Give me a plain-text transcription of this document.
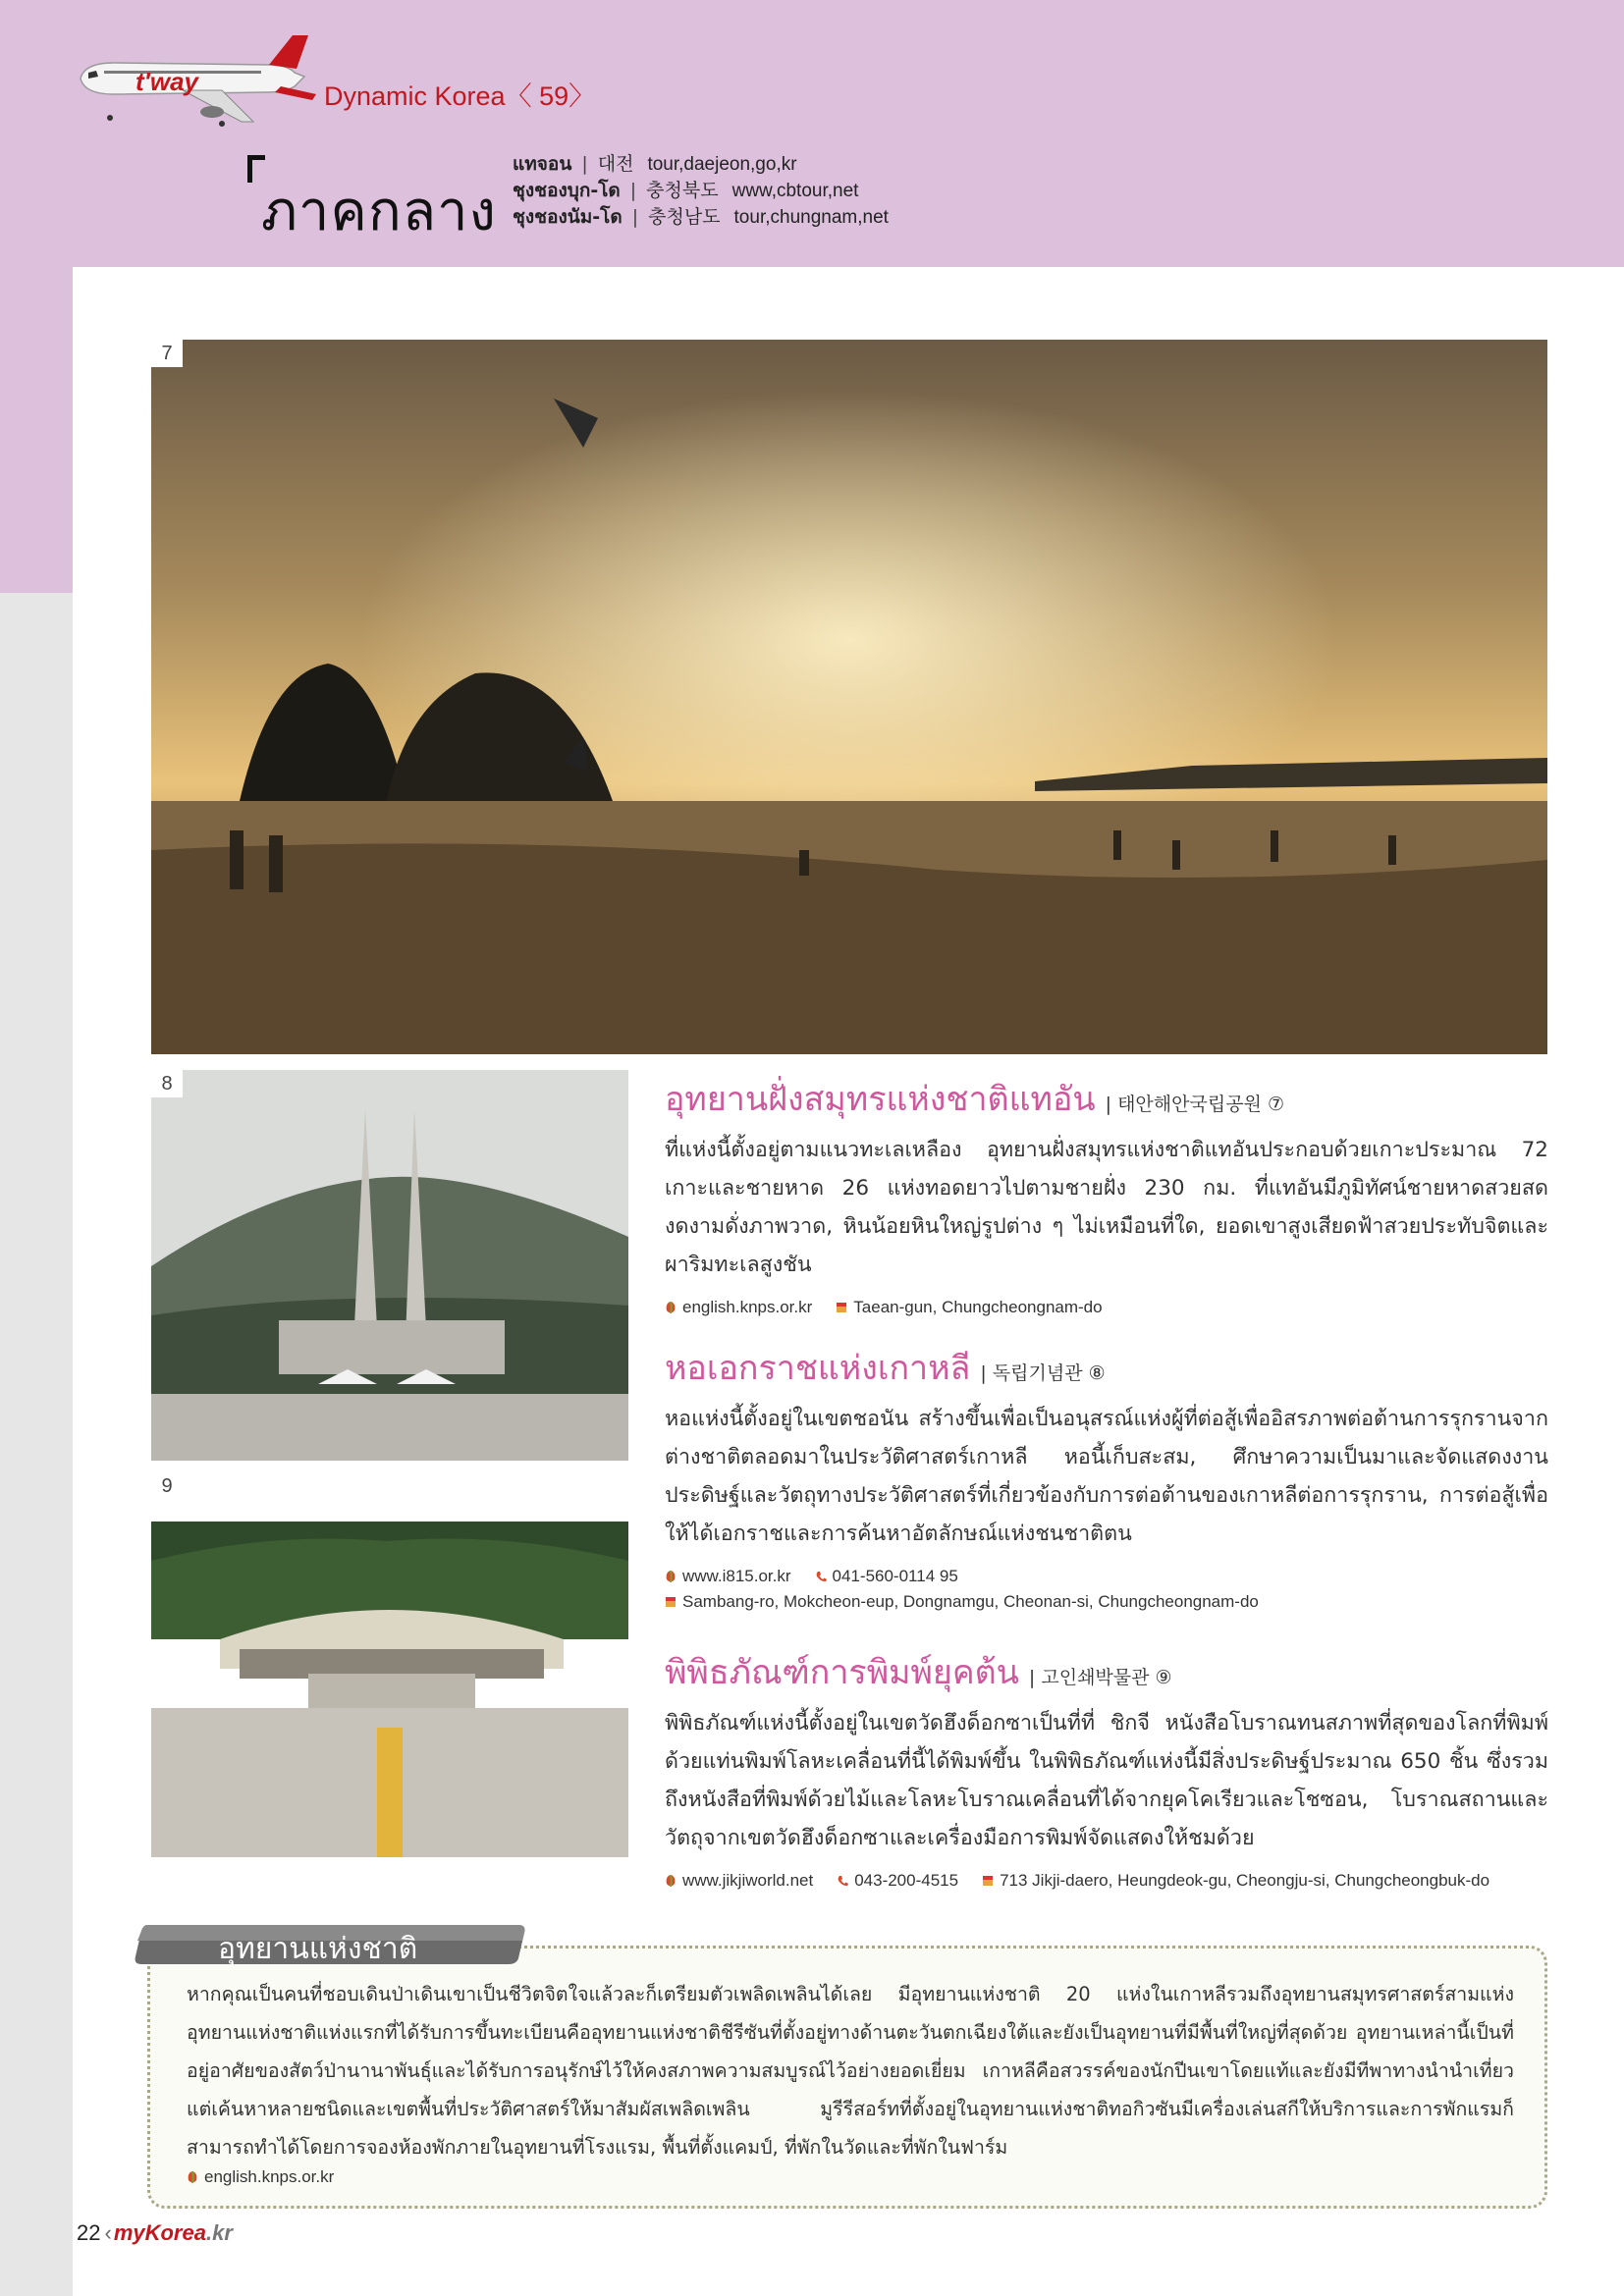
t'way	Dynamic Korea〈 59〉
ภาคกลาง
แทจอน | 대전 tour,daejeon,go,kr
ชุงชองบุก-โด | 충청북도 www,cbtour,net
ชุงชองนัม-โด | 충청남도 tour,chungnam,net
7
8
9
อุทยานฝั่งสมุทรแห่งชาติแทอัน | 태안해안국립공원 ⑦
ที่แห่งนี้ตั้งอยู่ตามแนวทะเลเหลือง อุทยานฝั่งสมุทรแห่งชาติแทอันประกอบด้วยเกาะประมาณ 72 เกาะและชายหาด 26 แห่งทอดยาวไปตามชายฝั่ง 230 กม. ที่แทอันมีภูมิทัศน์ชายหาดสวยสดงดงามดั่งภาพวาด, หินน้อยหินใหญ่รูปต่าง ๆ ไม่เหมือนที่ใด, ยอดเขาสูงเสียดฟ้าสวยประทับจิตและผาริมทะเลสูงชัน
english.knps.or.kr Taean-gun, Chungcheongnam-do
หอเอกราชแห่งเกาหลี | 독립기념관 ⑧
หอแห่งนี้ตั้งอยู่ในเขตชอนัน สร้างขึ้นเพื่อเป็นอนุสรณ์แห่งผู้ที่ต่อสู้เพื่ออิสรภาพต่อต้านการรุกรานจากต่างชาติตลอดมาในประวัติศาสตร์เกาหลี หอนี้เก็บสะสม, ศึกษาความเป็นมาและจัดแสดงงานประดิษฐ์และวัตถุทางประวัติศาสตร์ที่เกี่ยวข้องกับการต่อต้านของเกาหลีต่อการรุกราน, การต่อสู้เพื่อให้ได้เอกราชและการค้นหาอัตลักษณ์แห่งชนชาติตน
www.i815.or.kr 041-560-0114 95
Sambang-ro, Mokcheon-eup, Dongnamgu, Cheonan-si, Chungcheongnam-do
พิพิธภัณฑ์การพิมพ์ยุคต้น | 고인쇄박물관 ⑨
พิพิธภัณฑ์แห่งนี้ตั้งอยู่ในเขตวัดฮึงด็อกซาเป็นที่ที่ ชิกจี หนังสือโบราณทนสภาพที่สุดของโลกที่พิมพ์ด้วยแท่นพิมพ์โลหะเคลื่อนที่นี้ได้พิมพ์ขึ้น ในพิพิธภัณฑ์แห่งนี้มีสิ่งประดิษฐ์ประมาณ 650 ชิ้น ซึ่งรวมถึงหนังสือที่พิมพ์ด้วยไม้และโลหะโบราณเคลื่อนที่ได้จากยุคโคเรียวและโชซอน, โบราณสถานและวัตถุจากเขตวัดฮึงด็อกซาและเครื่องมือการพิมพ์จัดแสดงให้ชมด้วย
www.jikjiworld.net 043-200-4515 713 Jikji-daero, Heungdeok-gu, Cheongju-si, Chungcheongbuk-do
อุทยานแห่งชาติ
หากคุณเป็นคนที่ชอบเดินป่าเดินเขาเป็นชีวิตจิตใจแล้วละก็เตรียมตัวเพลิดเพลินได้เลย มีอุทยานแห่งชาติ 20 แห่งในเกาหลีรวมถึงอุทยานสมุทรศาสตร์สามแห่ง อุทยานแห่งชาติแห่งแรกที่ได้รับการขึ้นทะเบียนคืออุทยานแห่งชาติชีรีซันที่ตั้งอยู่ทางด้านตะวันตกเฉียงใต้และยังเป็นอุทยานที่มีพื้นที่ใหญ่ที่สุดด้วย อุทยานเหล่านี้เป็นที่อยู่อาศัยของสัตว์ป่านานาพันธุ์และได้รับการอนุรักษ์ไว้ให้คงสภาพความสมบูรณ์ไว้อย่างยอดเยี่ยม เกาหลีคือสวรรค์ของนักปีนเขาโดยแท้และยังมีทีพาทางนำนำเที่ยวแต่เค้นหาหลายชนิดและเขตพื้นที่ประวัติศาสตร์ให้มาสัมผัสเพลิดเพลิน มูรีรีสอร์ทที่ตั้งอยู่ในอุทยานแห่งชาติทอกิวซันมีเครื่องเล่นสกีให้บริการและการพักแรมก็สามารถทำได้โดยการจองห้องพักภายในอุทยานที่โรงแรม, พื้นที่ตั้งแคมป์, ที่พักในวัดและที่พักในฟาร์ม
english.knps.or.kr
22 ‹ myKorea .kr
